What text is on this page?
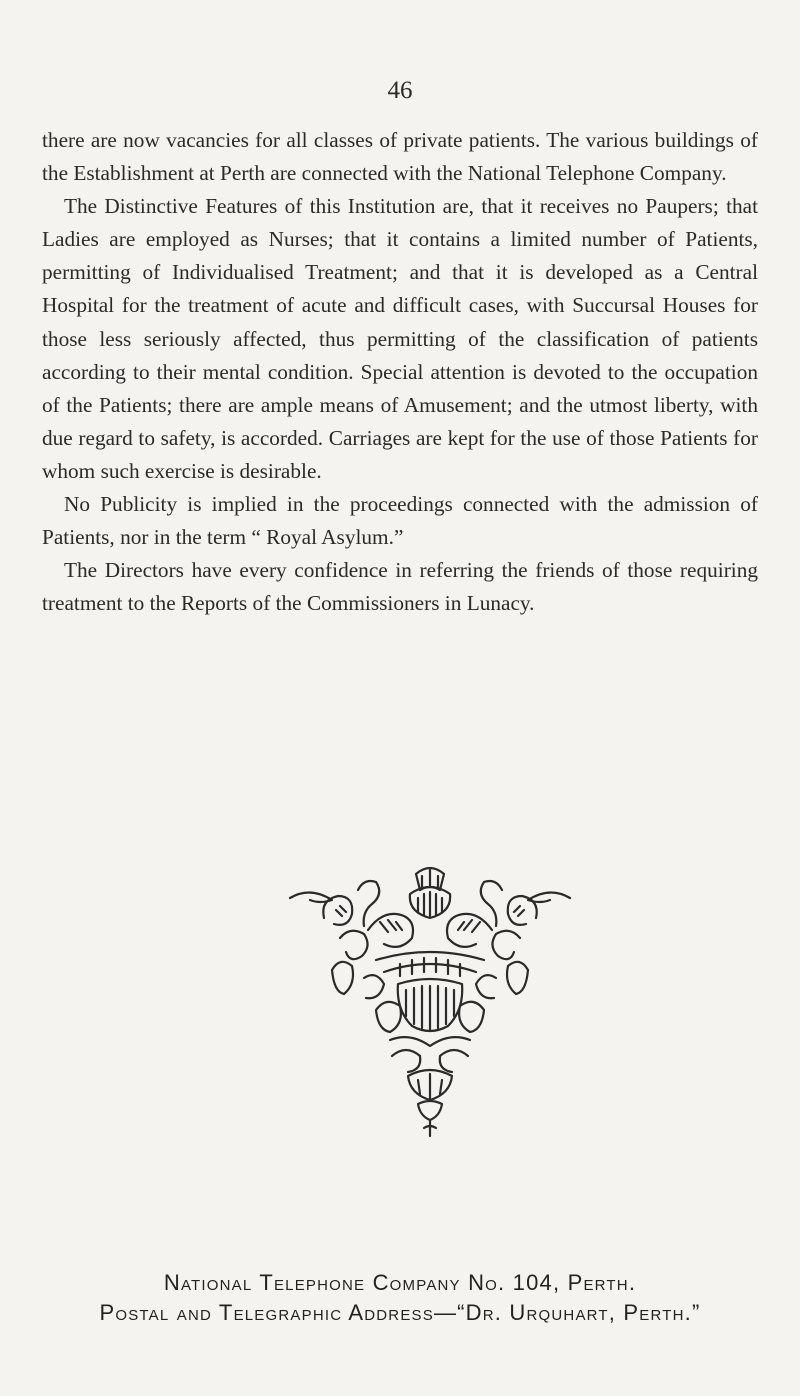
46

there are now vacancies for all classes of private patients. The various buildings of the Establishment at Perth are connected with the National Telephone Company.

The Distinctive Features of this Institution are, that it receives no Paupers; that Ladies are employed as Nurses; that it contains a limited number of Patients, permitting of Individualised Treatment; and that it is developed as a Central Hospital for the treatment of acute and difficult cases, with Succursal Houses for those less seriously affected, thus permitting of the classification of patients according to their mental condition. Special attention is devoted to the occupation of the Patients; there are ample means of Amusement; and the utmost liberty, with due regard to safety, is accorded. Carriages are kept for the use of those Patients for whom such exercise is desirable.

No Publicity is implied in the proceedings connected with the admission of Patients, nor in the term “ Royal Asylum.”

The Directors have every confidence in referring the friends of those requiring treatment to the Reports of the Commissioners in Lunacy.

National Telephone Company No. 104, Perth.
Postal and Telegraphic Address—“Dr. Urquhart, Perth.”
